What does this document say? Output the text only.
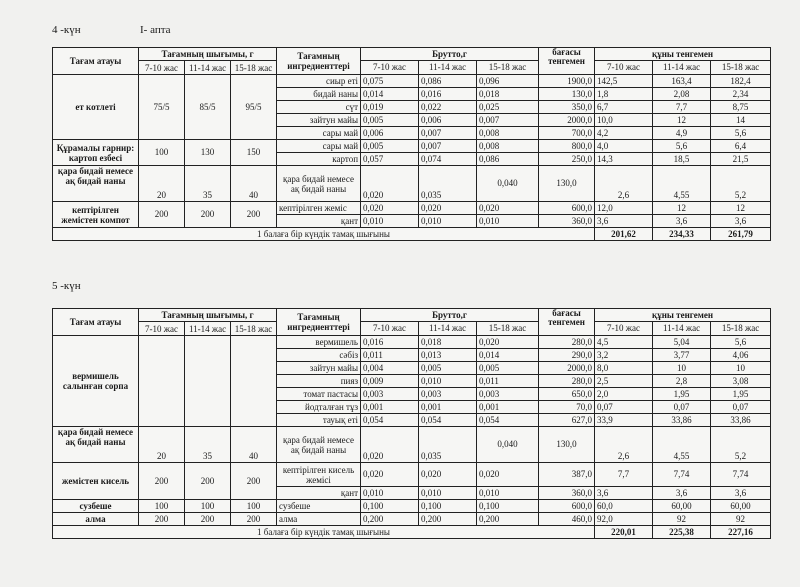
4 -күн	I- апта
Тағам атауы	Тағамның шығымы, г			Тағамның ингредиенттері	Брутто,г			бағасы тенгемен	құны тенгемен		
	7-10 жас	11-14 жас	15-18 жас		7-10 жас	11-14 жас	15-18 жас		7-10 жас	11-14 жас	15-18 жас

ет котлеті	75/5	85/5	95/5	сиыр еті	0,075	0,086	0,096	1900,0	142,5	163,4	182,4
				бидай наны	0,014	0,016	0,018	130,0	1,8	2,08	2,34
				сүт	0,019	0,022	0,025	350,0	6,7	7,7	8,75
				зайтун майы	0,005	0,006	0,007	2000,0	10,0	12	14
				сары май	0,006	0,007	0,008	700,0	4,2	4,9	5,6
Құрамалы гарнир: картоп езбесі	100	130	150	сары май	0,005	0,007	0,008	800,0	4,0	5,6	6,4
				картоп	0,057	0,074	0,086	250,0	14,3	18,5	21,5
қара бидай немесе ақ бидай наны	20	35	40	қара бидай немесе ақ бидай наны	0,020	0,035	0,040	130,0	2,6	4,55	5,2
кептірілген жемістен компот	200	200	200	кептірілген жеміс	0,020	0,020	0,020	600,0	12,0	12	12
				қант	0,010	0,010	0,010	360,0	3,6	3,6	3,6
1 балаға бір күндік тамақ шығыны									201,62	234,33	261,79
5 -күн
Тағам атауы	Тағамның шығымы, г			Тағамның ингредиенттері	Брутто,г			бағасы тенгемен	құны тенгемен		
	7-10 жас	11-14 жас	15-18 жас		7-10 жас	11-14 жас	15-18 жас		7-10 жас	11-14 жас	15-18 жас

вермишель салынған сорпа				вермишель	0,016	0,018	0,020	280,0	4,5	5,04	5,6
				сәбіз	0,011	0,013	0,014	290,0	3,2	3,77	4,06
				зайтун майы	0,004	0,005	0,005	2000,0	8,0	10	10
				пияз	0,009	0,010	0,011	280,0	2,5	2,8	3,08
				томат пастасы	0,003	0,003	0,003	650,0	2,0	1,95	1,95
				йодталған тұз	0,001	0,001	0,001	70,0	0,07	0,07	0,07
				тауық еті	0,054	0,054	0,054	627,0	33,9	33,86	33,86
қара бидай немесе ақ бидай наны	20	35	40	қара бидай немесе ақ бидай наны	0,020	0,035	0,040	130,0	2,6	4,55	5,2
жемістен кисель	200	200	200	кептірілген кисель жемісі	0,020	0,020	0,020	387,0	7,7	7,74	7,74
				қант	0,010	0,010	0,010	360,0	3,6	3,6	3,6
сузбеше	100	100	100	сузбеше	0,100	0,100	0,100	600,0	60,0	60,00	60,00
алма	200	200	200	алма	0,200	0,200	0,200	460,0	92,0	92	92
1 балаға бір күндік тамақ шығыны									220,01	225,38	227,16
